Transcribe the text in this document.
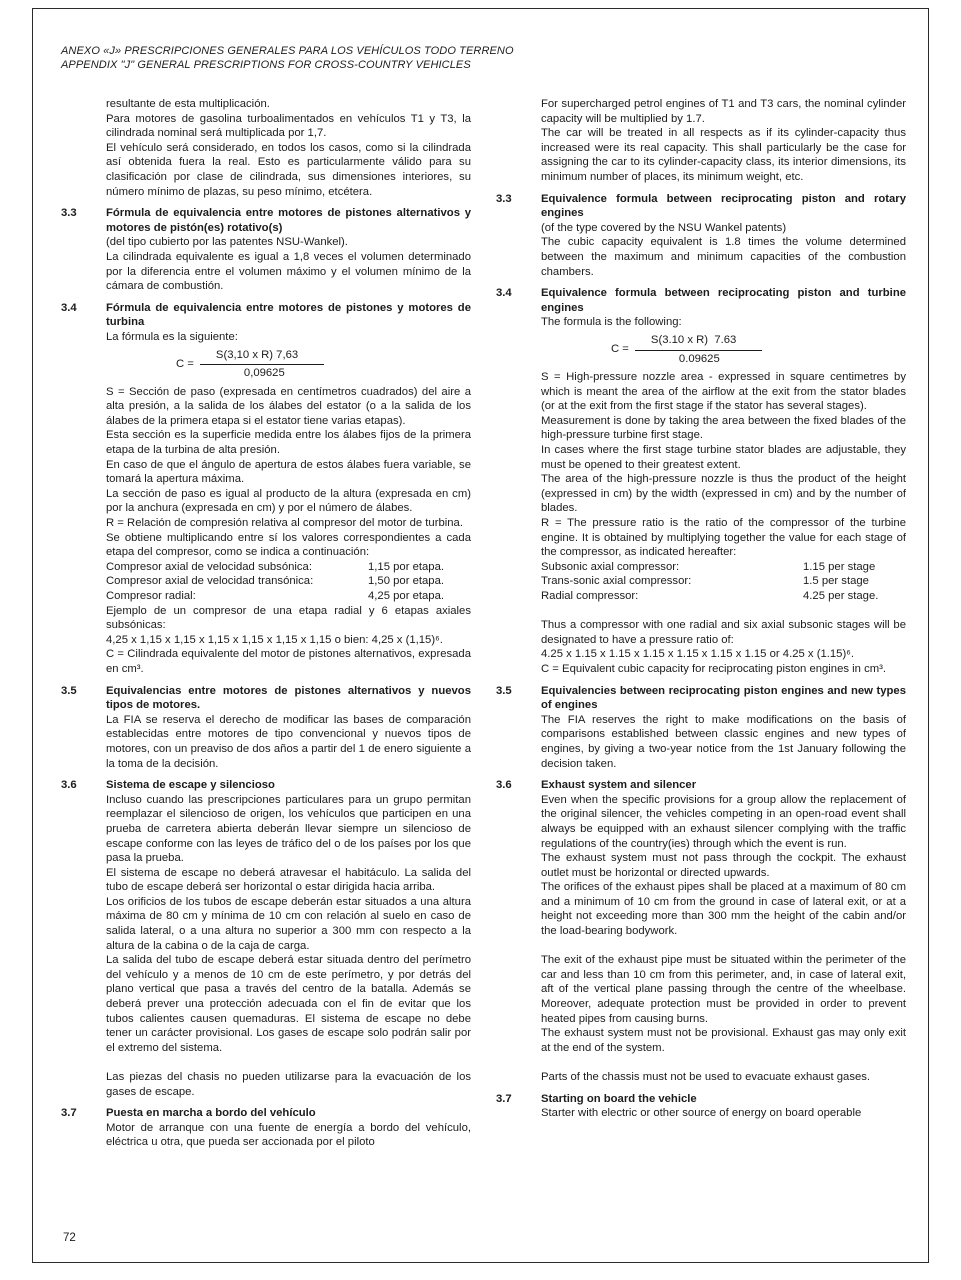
ANEXO «J» PRESCRIPCIONES GENERALES PARA LOS VEHÍCULOS TODO TERRENO
APPENDIX "J" GENERAL PRESCRIPTIONS FOR CROSS-COUNTRY VEHICLES

resultante de esta multiplicación.

Para motores de gasolina turboalimentados en vehículos T1 y T3, la cilindrada nominal será multiplicada por 1,7.

El vehículo será considerado, en todos los casos, como si la cilindrada así obtenida fuera la real. Esto es particularmente válido para su clasificación por clase de cilindrada, sus dimensiones interiores, su número mínimo de plazas, su peso mínimo, etcétera.

3.3	Fórmula de equivalencia entre motores de pistones alternativos y motores de pistón(es) rotativo(s)

(del tipo cubierto por las patentes NSU-Wankel).

La cilindrada equivalente es igual a 1,8 veces el volumen determinado por la diferencia entre el volumen máximo y el volumen mínimo de la cámara de combustión.

3.4	Fórmula de equivalencia entre motores de pistones y motores de turbina

La fórmula es la siguiente:

$C = \frac{\text{S(3,10 x R) 7,63}}{0,09625}$

S = Sección de paso (expresada en centímetros cuadrados) del aire a alta presión, a la salida de los álabes del estator (o a la salida de los álabes de la primera etapa si el estator tiene varias etapas).

Esta sección es la superficie medida entre los álabes fijos de la primera etapa de la turbina de alta presión.

En caso de que el ángulo de apertura de estos álabes fuera variable, se tomará la apertura máxima.

La sección de paso es igual al producto de la altura (expresada en cm) por la anchura (expresada en cm) y por el número de álabes.

R = Relación de compresión relativa al compresor del motor de turbina.

Se obtiene multiplicando entre sí los valores correspondientes a cada etapa del compresor, como se indica a continuación:

Compresor axial de velocidad subsónica:	1,15 por etapa.
Compresor axial de velocidad transónica:	1,50 por etapa.
Compresor radial:	4,25 por etapa.

Ejemplo de un compresor de una etapa radial y 6 etapas axiales subsónicas:

4,25 x 1,15 x 1,15 x 1,15 x 1,15 x 1,15 x 1,15 o bien: 4,25 x (1,15)⁶.

C = Cilindrada equivalente del motor de pistones alternativos, expresada en cm³.

3.5	Equivalencias entre motores de pistones alternativos y nuevos tipos de motores.

La FIA se reserva el derecho de modificar las bases de comparación establecidas entre motores de tipo convencional y nuevos tipos de motores, con un preaviso de dos años a partir del 1 de enero siguiente a la toma de la decisión.

3.6	Sistema de escape y silencioso

Incluso cuando las prescripciones particulares para un grupo permitan reemplazar el silencioso de origen, los vehículos que participen en una prueba de carretera abierta deberán llevar siempre un silencioso de escape conforme con las leyes de tráfico del o de los países por los que pasa la prueba.

El sistema de escape no deberá atravesar el habitáculo. La salida del tubo de escape deberá ser horizontal o estar dirigida hacia arriba.

Los orificios de los tubos de escape deberán estar situados a una altura máxima de 80 cm y mínima de 10 cm con relación al suelo en caso de salida lateral, o a una altura no superior a 300 mm con respecto a la altura de la cabina o de la caja de carga.

La salida del tubo de escape deberá estar situada dentro del perímetro del vehículo y a menos de 10 cm de este perímetro, y por detrás del plano vertical que pasa a través del centro de la batalla. Además se deberá prever una protección adecuada con el fin de evitar que los tubos calientes causen quemaduras. El sistema de escape no debe tener un carácter provisional. Los gases de escape solo podrán salir por el extremo del sistema.

Las piezas del chasis no pueden utilizarse para la evacuación de los gases de escape.

3.7	Puesta en marcha a bordo del vehículo

Motor de arranque con una fuente de energía a bordo del vehículo, eléctrica u otra, que pueda ser accionada por el piloto

For supercharged petrol engines of T1 and T3 cars, the nominal cylinder capacity will be multiplied by 1.7.

The car will be treated in all respects as if its cylinder-capacity thus increased were its real capacity. This shall particularly be the case for assigning the car to its cylinder-capacity class, its interior dimensions, its minimum number of places, its minimum weight, etc.

3.3	Equivalence formula between reciprocating piston and rotary engines

(of the type covered by the NSU Wankel patents)

The cubic capacity equivalent is 1.8 times the volume determined between the maximum and minimum capacities of the combustion chambers.

3.4	Equivalence formula between reciprocating piston and turbine engines

The formula is the following:

$C = \frac{\text{S(3.10 x R)  7.63}}{0.09625}$

S = High-pressure nozzle area - expressed in square centimetres by which is meant the area of the airflow at the exit from the stator blades (or at the exit from the first stage if the stator has several stages).

Measurement is done by taking the area between the fixed blades of the high-pressure turbine first stage.

In cases where the first stage turbine stator blades are adjustable, they must be opened to their greatest extent.

The area of the high-pressure nozzle is thus the product of the height (expressed in cm) by the width (expressed in cm) and by the number of blades.

R = The pressure ratio is the ratio of the compressor of the turbine engine. It is obtained by multiplying together the value for each stage of the compressor, as indicated hereafter:

Subsonic axial compressor:	1.15 per stage
Trans-sonic axial compressor:	1.5 per stage
Radial compressor:	4.25 per stage.

Thus a compressor with one radial and six axial subsonic stages will be designated to have a pressure ratio of:

4.25 x 1.15 x 1.15 x 1.15 x 1.15 x 1.15 x 1.15 or 4.25 x (1.15)⁶.

C = Equivalent cubic capacity for reciprocating piston engines in cm³.

3.5	Equivalencies between reciprocating piston engines and new types of engines

The FIA reserves the right to make modifications on the basis of comparisons established between classic engines and new types of engines, by giving a two-year notice from the 1st January following the decision taken.

3.6	Exhaust system and silencer

Even when the specific provisions for a group allow the replacement of the original silencer, the vehicles competing in an open-road event shall always be equipped with an exhaust silencer complying with the traffic regulations of the country(ies) through which the event is run.

The exhaust system must not pass through the cockpit. The exhaust outlet must be horizontal or directed upwards.

The orifices of the exhaust pipes shall be placed at a maximum of 80 cm and a minimum of 10 cm from the ground in case of lateral exit, or at a height not exceeding more than 300 mm the height of the cabin and/or the load-bearing bodywork.

The exit of the exhaust pipe must be situated within the perimeter of the car and less than 10 cm from this perimeter, and, in case of lateral exit, aft of the vertical plane passing through the centre of the wheelbase. Moreover, adequate protection must be provided in order to prevent heated pipes from causing burns.

The exhaust system must not be provisional. Exhaust gas may only exit at the end of the system.

Parts of the chassis must not be used to evacuate exhaust gases.

3.7	Starting on board the vehicle

Starter with electric or other source of energy on board operable

72
